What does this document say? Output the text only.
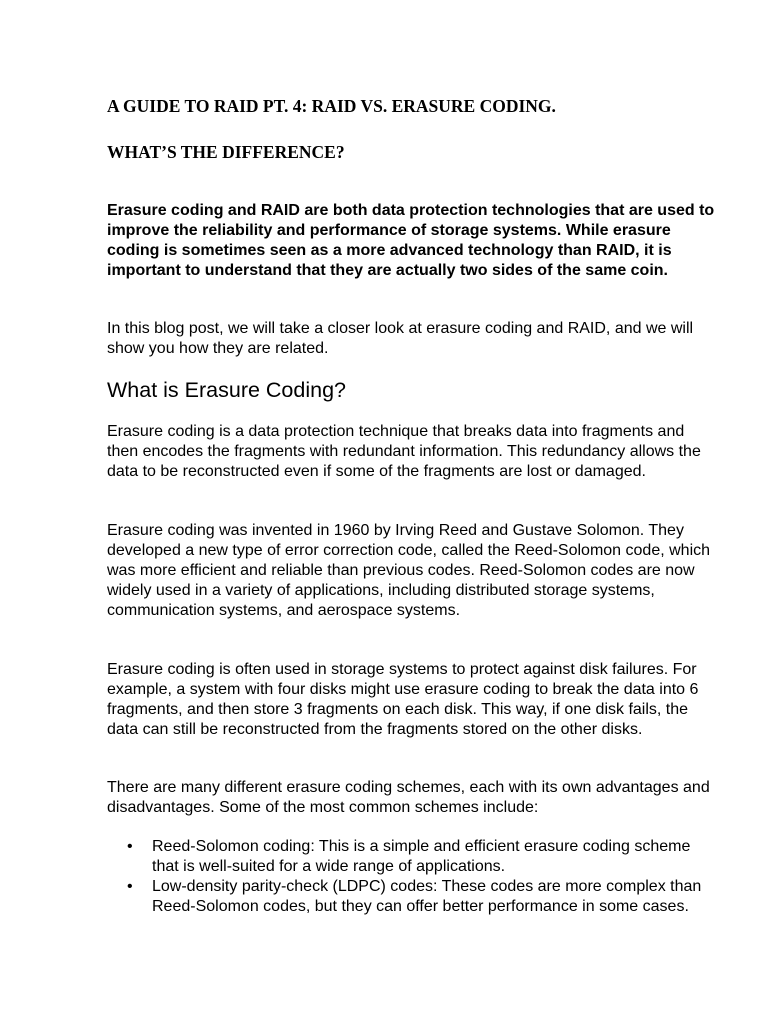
A GUIDE TO RAID PT. 4: RAID VS. ERASURE CODING.
WHAT’S THE DIFFERENCE?

Erasure coding and RAID are both data protection technologies that are used to improve the reliability and performance of storage systems. While erasure coding is sometimes seen as a more advanced technology than RAID, it is important to understand that they are actually two sides of the same coin.

In this blog post, we will take a closer look at erasure coding and RAID, and we will show you how they are related.

What is Erasure Coding?

Erasure coding is a data protection technique that breaks data into fragments and then encodes the fragments with redundant information. This redundancy allows the data to be reconstructed even if some of the fragments are lost or damaged.

Erasure coding was invented in 1960 by Irving Reed and Gustave Solomon. They developed a new type of error correction code, called the Reed-Solomon code, which was more efficient and reliable than previous codes. Reed-Solomon codes are now widely used in a variety of applications, including distributed storage systems, communication systems, and aerospace systems.

Erasure coding is often used in storage systems to protect against disk failures. For example, a system with four disks might use erasure coding to break the data into 6 fragments, and then store 3 fragments on each disk. This way, if one disk fails, the data can still be reconstructed from the fragments stored on the other disks.

There are many different erasure coding schemes, each with its own advantages and disadvantages. Some of the most common schemes include:

• Reed-Solomon coding: This is a simple and efficient erasure coding scheme that is well-suited for a wide range of applications.
• Low-density parity-check (LDPC) codes: These codes are more complex than Reed-Solomon codes, but they can offer better performance in some cases.
